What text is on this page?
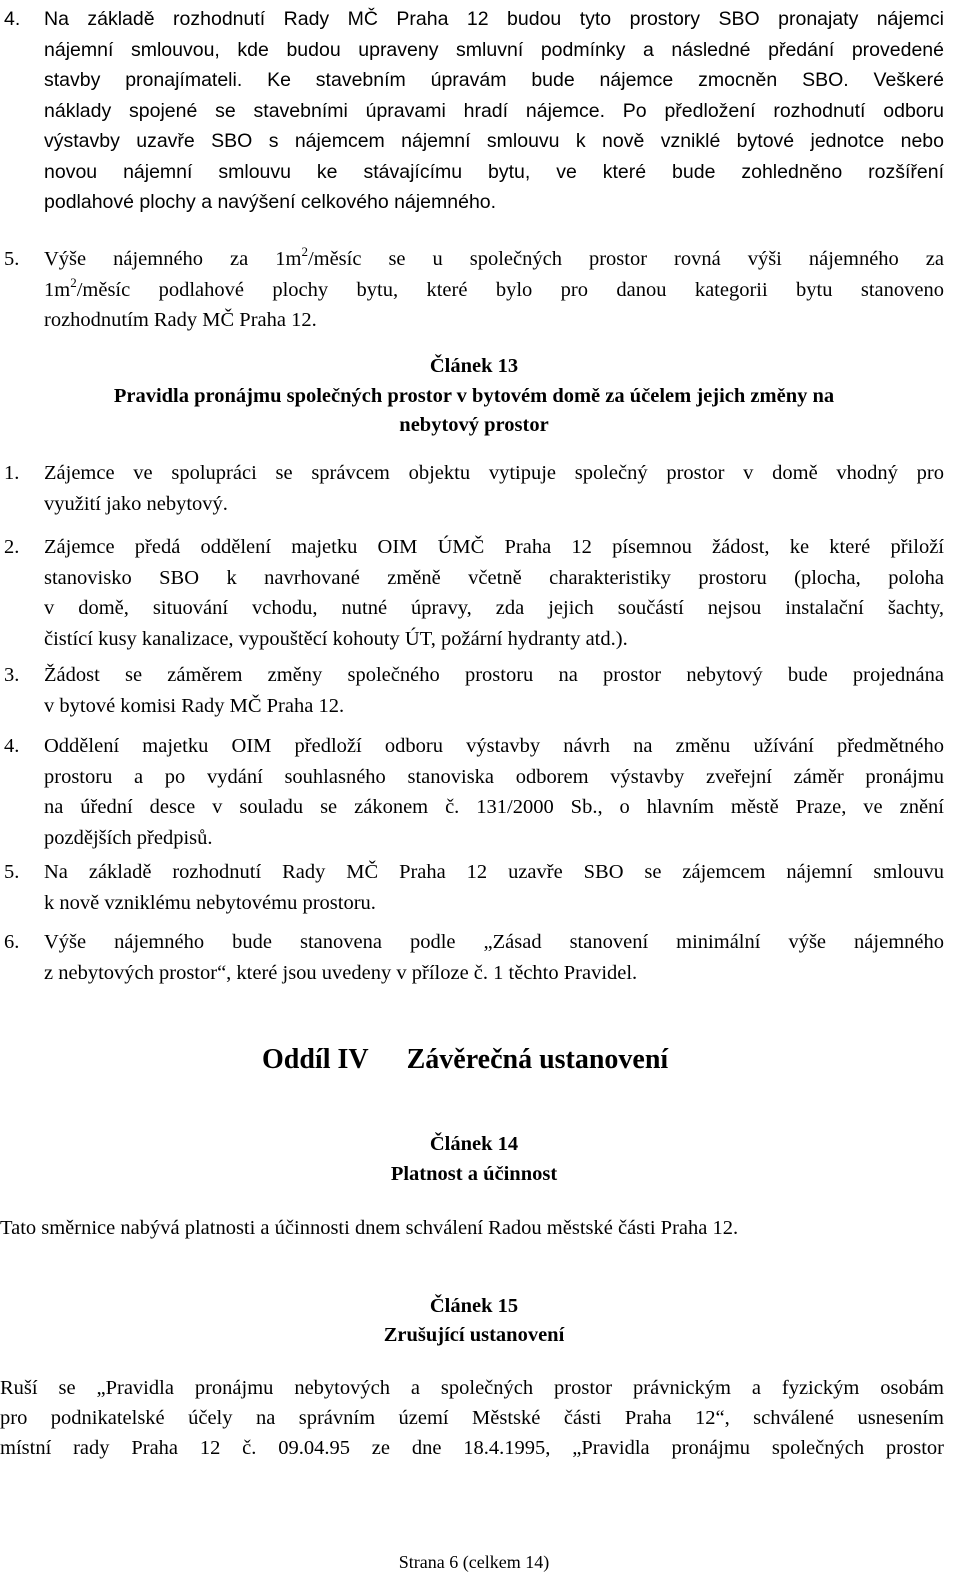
4. Na základě rozhodnutí Rady MČ Praha 12 budou tyto prostory SBO pronajaty nájemci
nájemní smlouvou, kde budou upraveny smluvní podmínky a následné předání provedené
stavby pronajímateli. Ke stavebním úpravám bude nájemce zmocněn SBO. Veškeré
náklady spojené se stavebními úpravami hradí nájemce. Po předložení rozhodnutí odboru
výstavby uzavře SBO s nájemcem nájemní smlouvu k nově vzniklé bytové jednotce nebo
novou nájemní smlouvu ke stávajícímu bytu, ve které bude zohledněno rozšíření
podlahové plochy a navýšení celkového nájemného.
5. Výše nájemného za $1m^2$/měsíc se u společných prostor rovná výši nájemného za
$1m^2$/měsíc podlahové plochy bytu, které bylo pro danou kategorii bytu stanoveno
rozhodnutím Rady MČ Praha 12.
Článek 13
Pravidla pronájmu společných prostor v bytovém domě za účelem jejich změny na
nebytový prostor
1. Zájemce ve spolupráci se správcem objektu vytipuje společný prostor v domě vhodný pro
využití jako nebytový.
2. Zájemce předá oddělení majetku OIM ÚMČ Praha 12 písemnou žádost, ke které přiloží
stanovisko SBO k navrhované změně včetně charakteristiky prostoru (plocha, poloha
v domě, situování vchodu, nutné úpravy, zda jejich součástí nejsou instalační šachty,
čistící kusy kanalizace, vypouštěcí kohouty ÚT, požární hydranty atd.).
3. Žádost se záměrem změny společného prostoru na prostor nebytový bude projednána
v bytové komisi Rady MČ Praha 12.
4. Oddělení majetku OIM předloží odboru výstavby návrh na změnu užívání předmětného
prostoru a po vydání souhlasného stanoviska odborem výstavby zveřejní záměr pronájmu
na úřední desce v souladu se zákonem č. 131/2000 Sb., o hlavním městě Praze, ve znění
pozdějších předpisů.
5. Na základě rozhodnutí Rady MČ Praha 12 uzavře SBO se zájemcem nájemní smlouvu
k nově vzniklému nebytovému prostoru.
6. Výše nájemného bude stanovena podle „Zásad stanovení minimální výše nájemného
z nebytových prostor“, které jsou uvedeny v příloze č. 1 těchto Pravidel.
Oddíl IV Závěrečná ustanovení
Článek 14
Platnost a účinnost
Tato směrnice nabývá platnosti a účinnosti dnem schválení Radou městské části Praha 12.
Článek 15
Zrušující ustanovení
Ruší se „Pravidla pronájmu nebytových a společných prostor právnickým a fyzickým osobám
pro podnikatelské účely na správním území Městské části Praha 12“, schválené usnesením
místní rady Praha 12 č. 09.04.95 ze dne 18.4.1995, „Pravidla pronájmu společných prostor
Strana 6 (celkem 14)
